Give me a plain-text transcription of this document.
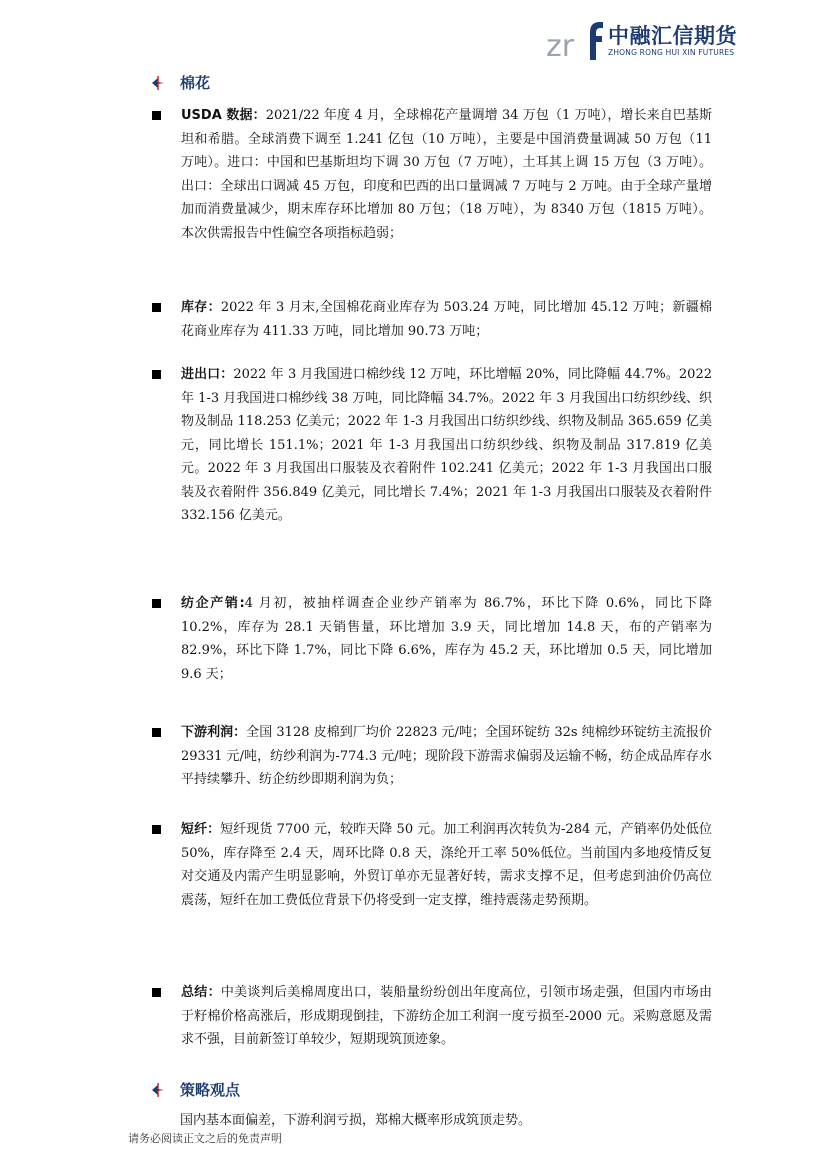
zr 中融汇信期货
ZHONG RONG HUI XIN FUTURES
棉花
USDA 数据：2021/22 年度 4 月，全球棉花产量调增 34 万包（1 万吨），增长来自巴基斯坦和希腊。全球消费下调至 1.241 亿包（10 万吨），主要是中国消费量调减 50 万包（11 万吨）。进口：中国和巴基斯坦均下调 30 万包（7 万吨），土耳其上调 15 万包（3 万吨）。出口：全球出口调减 45 万包，印度和巴西的出口量调减 7 万吨与 2 万吨。由于全球产量增加而消费量减少，期末库存环比增加 80 万包；（18 万吨），为 8340 万包（1815 万吨）。本次供需报告中性偏空各项指标趋弱；
库存：2022 年 3 月末,全国棉花商业库存为 503.24 万吨，同比增加 45.12 万吨；新疆棉花商业库存为 411.33 万吨，同比增加 90.73 万吨；
进出口：2022 年 3 月我国进口棉纱线 12 万吨，环比增幅 20%，同比降幅 44.7%。2022 年 1-3 月我国进口棉纱线 38 万吨，同比降幅 34.7%。2022 年 3 月我国出口纺织纱线、织物及制品 118.253 亿美元；2022 年 1-3 月我国出口纺织纱线、织物及制品 365.659 亿美元，同比增长 151.1%；2021 年 1-3 月我国出口纺织纱线、织物及制品 317.819 亿美元。2022 年 3 月我国出口服装及衣着附件 102.241 亿美元；2022 年 1-3 月我国出口服装及衣着附件 356.849 亿美元，同比增长 7.4%；2021 年 1-3 月我国出口服装及衣着附件 332.156 亿美元。
纺企产销:4 月初，被抽样调查企业纱产销率为 86.7%，环比下降 0.6%，同比下降 10.2%，库存为 28.1 天销售量，环比增加 3.9 天，同比增加 14.8 天，布的产销率为 82.9%，环比下降 1.7%，同比下降 6.6%，库存为 45.2 天，环比增加 0.5 天，同比增加 9.6 天；
下游利润：全国 3128 皮棉到厂均价 22823 元/吨；全国环锭纺 32s 纯棉纱环锭纺主流报价 29331 元/吨，纺纱利润为-774.3 元/吨；现阶段下游需求偏弱及运输不畅，纺企成品库存水平持续攀升、纺企纺纱即期利润为负；
短纤：短纤现货 7700 元，较昨天降 50 元。加工利润再次转负为-284 元，产销率仍处低位 50%，库存降至 2.4 天，周环比降 0.8 天，涤纶开工率 50%低位。当前国内多地疫情反复对交通及内需产生明显影响，外贸订单亦无显著好转，需求支撑不足，但考虑到油价仍高位震荡，短纤在加工费低位背景下仍将受到一定支撑，维持震荡走势预期。
总结：中美谈判后美棉周度出口，装船量纷纷创出年度高位，引领市场走强，但国内市场由于籽棉价格高涨后，形成期现倒挂，下游纺企加工利润一度亏损至-2000 元。采购意愿及需求不强，目前新签订单较少，短期现筑顶迹象。
策略观点
国内基本面偏差，下游利润亏损，郑棉大概率形成筑顶走势。
请务必阅读正文之后的免责声明
